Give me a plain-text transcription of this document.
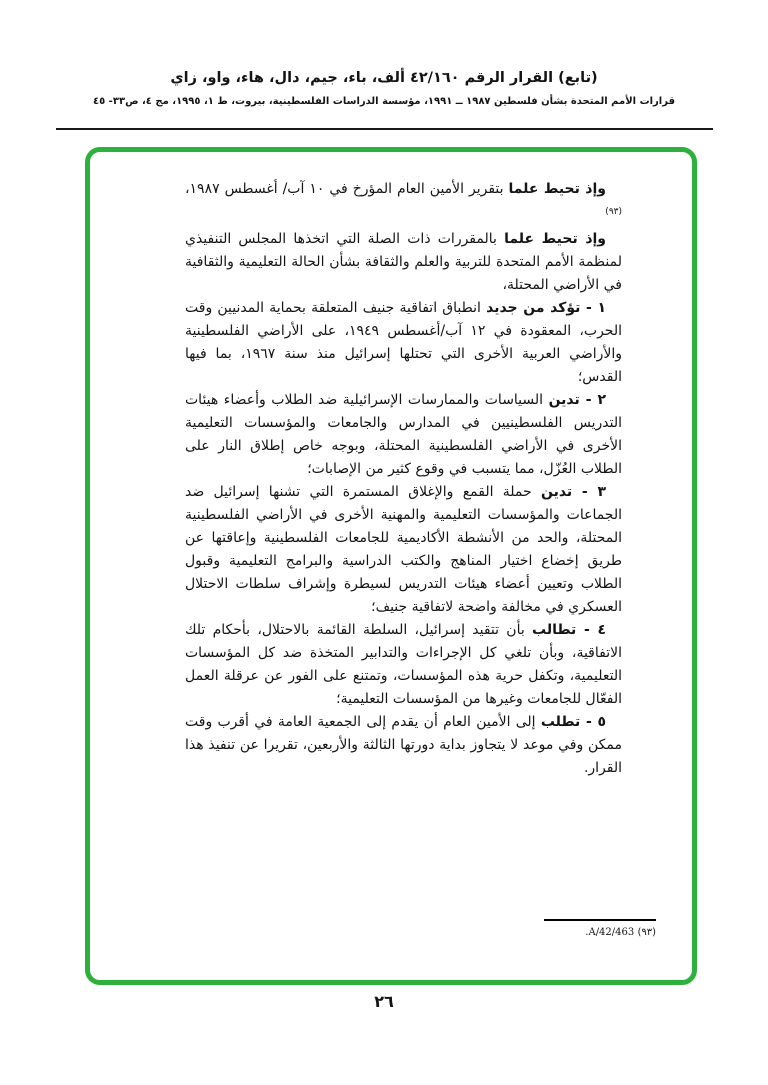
(تابع) القرار الرقم ٤٢/١٦٠ ألف، باء، جيم، دال، هاء، واو، زاي
قرارات الأمم المتحدة بشأن فلسطين ١٩٨٧ ــ ١٩٩١، مؤسسة الدراسات الفلسطينية، بيروت، ط ١، ١٩٩٥، مج ٤، ص٣٣- ٤٥

وإذ تحيط علما بتقرير الأمين العام المؤرخ في ١٠ آب/ أغسطس ١٩٨٧،$^{(٩٣)}$

وإذ تحيط علما بالمقررات ذات الصلة التي اتخذها المجلس التنفيذي لمنظمة الأمم المتحدة للتربية والعلم والثقافة بشأن الحالة التعليمية والثقافية في الأراضي المحتلة،

١ - تؤكد من جديد انطباق اتفاقية جنيف المتعلقة بحماية المدنيين وقت الحرب، المعقودة في ١٢ آب/أغسطس ١٩٤٩، على الأراضي الفلسطينية والأراضي العربية الأخرى التي تحتلها إسرائيل منذ سنة ١٩٦٧، بما فيها القدس؛

٢ - تدين السياسات والممارسات الإسرائيلية ضد الطلاب وأعضاء هيئات التدريس الفلسطينيين في المدارس والجامعات والمؤسسات التعليمية الأخرى في الأراضي الفلسطينية المحتلة، وبوجه خاص إطلاق النار على الطلاب العُزّل، مما يتسبب في وقوع كثير من الإصابات؛

٣ - تدين حملة القمع والإغلاق المستمرة التي تشنها إسرائيل ضد الجماعات والمؤسسات التعليمية والمهنية الأخرى في الأراضي الفلسطينية المحتلة، والحد من الأنشطة الأكاديمية للجامعات الفلسطينية وإعاقتها عن طريق إخضاع اختيار المناهج والكتب الدراسية والبرامج التعليمية وقبول الطلاب وتعيين أعضاء هيئات التدريس لسيطرة وإشراف سلطات الاحتلال العسكري في مخالفة واضحة لاتفاقية جنيف؛

٤ - تطالب بأن تتقيد إسرائيل، السلطة القائمة بالاحتلال، بأحكام تلك الاتفاقية، وبأن تلغي كل الإجراءات والتدابير المتخذة ضد كل المؤسسات التعليمية، وتكفل حرية هذه المؤسسات، وتمتنع على الفور عن عرقلة العمل الفعّال للجامعات وغيرها من المؤسسات التعليمية؛

٥ - تطلب إلى الأمين العام أن يقدم إلى الجمعية العامة في أقرب وقت ممكن وفي موعد لا يتجاوز بداية دورتها الثالثة والأربعين، تقريرا عن تنفيذ هذا القرار.

(٩٣) A/42/463.
٢٦
